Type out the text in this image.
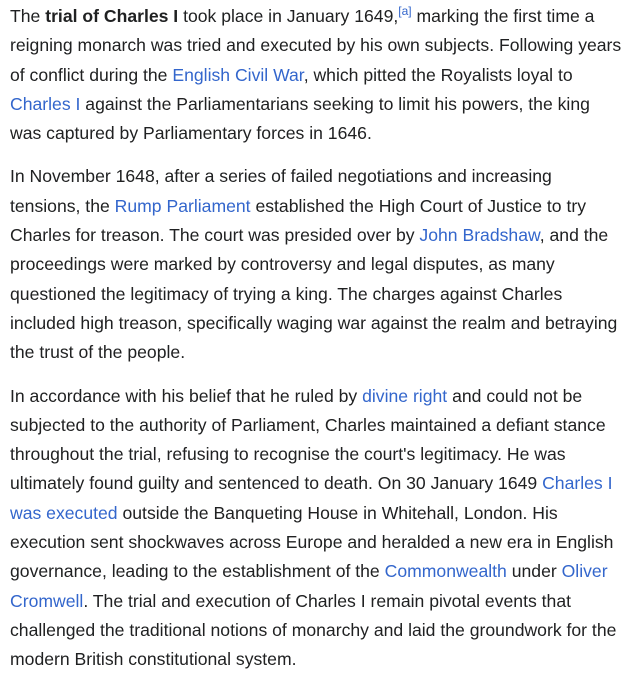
The trial of Charles I took place in January 1649,[a] marking the first time a reigning monarch was tried and executed by his own subjects. Following years of conflict during the English Civil War, which pitted the Royalists loyal to Charles I against the Parliamentarians seeking to limit his powers, the king was captured by Parliamentary forces in 1646.

In November 1648, after a series of failed negotiations and increasing tensions, the Rump Parliament established the High Court of Justice to try Charles for treason. The court was presided over by John Bradshaw, and the proceedings were marked by controversy and legal disputes, as many questioned the legitimacy of trying a king. The charges against Charles included high treason, specifically waging war against the realm and betraying the trust of the people.

In accordance with his belief that he ruled by divine right and could not be subjected to the authority of Parliament, Charles maintained a defiant stance throughout the trial, refusing to recognise the court's legitimacy. He was ultimately found guilty and sentenced to death. On 30 January 1649 Charles I was executed outside the Banqueting House in Whitehall, London. His execution sent shockwaves across Europe and heralded a new era in English governance, leading to the establishment of the Commonwealth under Oliver Cromwell. The trial and execution of Charles I remain pivotal events that challenged the traditional notions of monarchy and laid the groundwork for the modern British constitutional system.
